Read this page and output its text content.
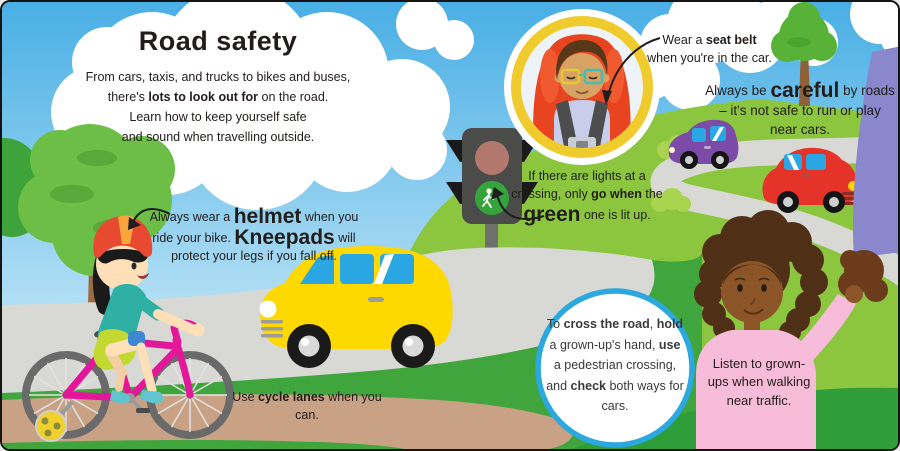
Road safety

From cars, taxis, and trucks to bikes and buses,
there's lots to look out for on the road.
Learn how to keep yourself safe
and sound when travelling outside.

Wear a seat belt when you're in the car.
Always be careful by roads – it's not safe to run or play near cars.
If there are lights at a crossing, only go when the green one is lit up.
Always wear a helmet when you ride your bike. Kneepads will protect your legs if you fall off.
Use cycle lanes when you can.
To cross the road, hold a grown-up's hand, use a pedestrian crossing, and check both ways for cars.
Listen to grown-ups when walking near traffic.
